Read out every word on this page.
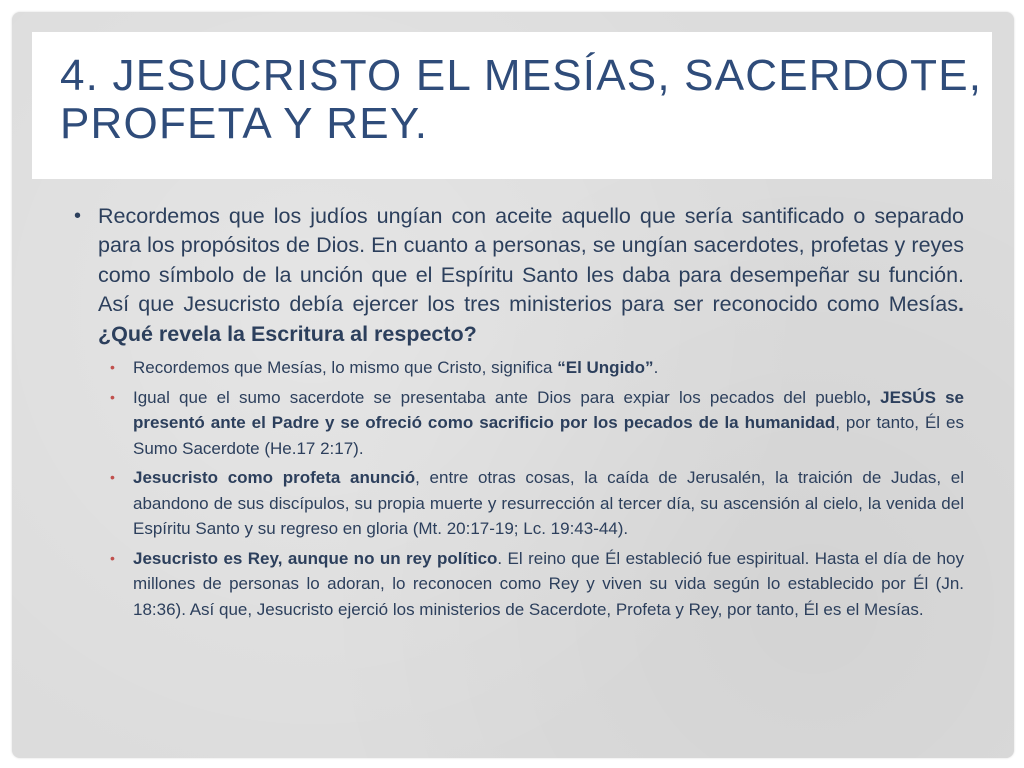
4. JESUCRISTO EL MESÍAS, SACERDOTE, PROFETA Y REY.

• Recordemos que los judíos ungían con aceite aquello que sería santificado o separado para los propósitos de Dios. En cuanto a personas, se ungían sacerdotes, profetas y reyes como símbolo de la unción que el Espíritu Santo les daba para desempeñar su función. Así que Jesucristo debía ejercer los tres ministerios para ser reconocido como Mesías. ¿Qué revela la Escritura al respecto?

• Recordemos que Mesías, lo mismo que Cristo, significa “El Ungido”.
• Igual que el sumo sacerdote se presentaba ante Dios para expiar los pecados del pueblo, JESÚS se presentó ante el Padre y se ofreció como sacrificio por los pecados de la humanidad, por tanto, Él es Sumo Sacerdote (He.17 2:17).
• Jesucristo como profeta anunció, entre otras cosas, la caída de Jerusalén, la traición de Judas, el abandono de sus discípulos, su propia muerte y resurrección al tercer día, su ascensión al cielo, la venida del Espíritu Santo y su regreso en gloria (Mt. 20:17-19; Lc. 19:43-44).
• Jesucristo es Rey, aunque no un rey político. El reino que Él estableció fue espiritual. Hasta el día de hoy millones de personas lo adoran, lo reconocen como Rey y viven su vida según lo establecido por Él (Jn. 18:36). Así que, Jesucristo ejerció los ministerios de Sacerdote, Profeta y Rey, por tanto, Él es el Mesías.
